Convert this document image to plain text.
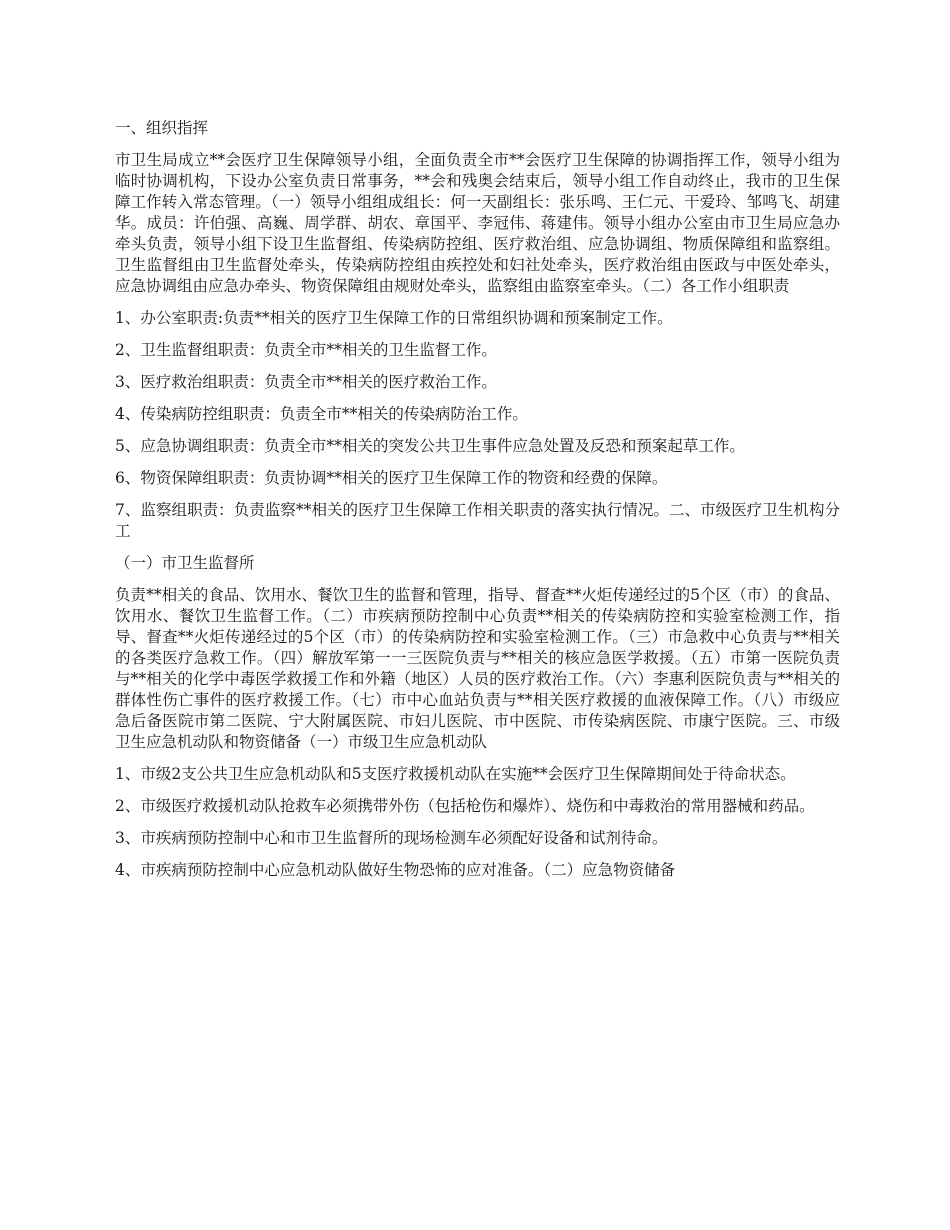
一、组织指挥

市卫生局成立**会医疗卫生保障领导小组，全面负责全市**会医疗卫生保障的协调指挥工作，领导小组为临时协调机构，下设办公室负责日常事务，**会和残奥会结束后，领导小组工作自动终止，我市的卫生保障工作转入常态管理。（一）领导小组组成组长：何一天副组长：张乐鸣、王仁元、干爱玲、邹鸣飞、胡建华。成员：许伯强、高巍、周学群、胡农、章国平、李冠伟、蒋建伟。领导小组办公室由市卫生局应急办牵头负责，领导小组下设卫生监督组、传染病防控组、医疗救治组、应急协调组、物质保障组和监察组。卫生监督组由卫生监督处牵头，传染病防控组由疾控处和妇社处牵头，医疗救治组由医政与中医处牵头，应急协调组由应急办牵头、物资保障组由规财处牵头，监察组由监察室牵头。（二）各工作小组职责

1、办公室职责:负责**相关的医疗卫生保障工作的日常组织协调和预案制定工作。

2、卫生监督组职责：负责全市**相关的卫生监督工作。

3、医疗救治组职责：负责全市**相关的医疗救治工作。

4、传染病防控组职责：负责全市**相关的传染病防治工作。

5、应急协调组职责：负责全市**相关的突发公共卫生事件应急处置及反恐和预案起草工作。

6、物资保障组职责：负责协调**相关的医疗卫生保障工作的物资和经费的保障。

7、监察组职责：负责监察**相关的医疗卫生保障工作相关职责的落实执行情况。二、市级医疗卫生机构分工

（一）市卫生监督所

负责**相关的食品、饮用水、餐饮卫生的监督和管理，指导、督查**火炬传递经过的5个区（市）的食品、饮用水、餐饮卫生监督工作。（二）市疾病预防控制中心负责**相关的传染病防控和实验室检测工作，指导、督查**火炬传递经过的5个区（市）的传染病防控和实验室检测工作。（三）市急救中心负责与**相关的各类医疗急救工作。（四）解放军第一一三医院负责与**相关的核应急医学救援。（五）市第一医院负责与**相关的化学中毒医学救援工作和外籍（地区）人员的医疗救治工作。（六）李惠利医院负责与**相关的群体性伤亡事件的医疗救援工作。（七）市中心血站负责与**相关医疗救援的血液保障工作。（八）市级应急后备医院市第二医院、宁大附属医院、市妇儿医院、市中医院、市传染病医院、市康宁医院。三、市级卫生应急机动队和物资储备（一）市级卫生应急机动队

1、市级2支公共卫生应急机动队和5支医疗救援机动队在实施**会医疗卫生保障期间处于待命状态。

2、市级医疗救援机动队抢救车必须携带外伤（包括枪伤和爆炸）、烧伤和中毒救治的常用器械和药品。

3、市疾病预防控制中心和市卫生监督所的现场检测车必须配好设备和试剂待命。

4、市疾病预防控制中心应急机动队做好生物恐怖的应对准备。（二）应急物资储备
